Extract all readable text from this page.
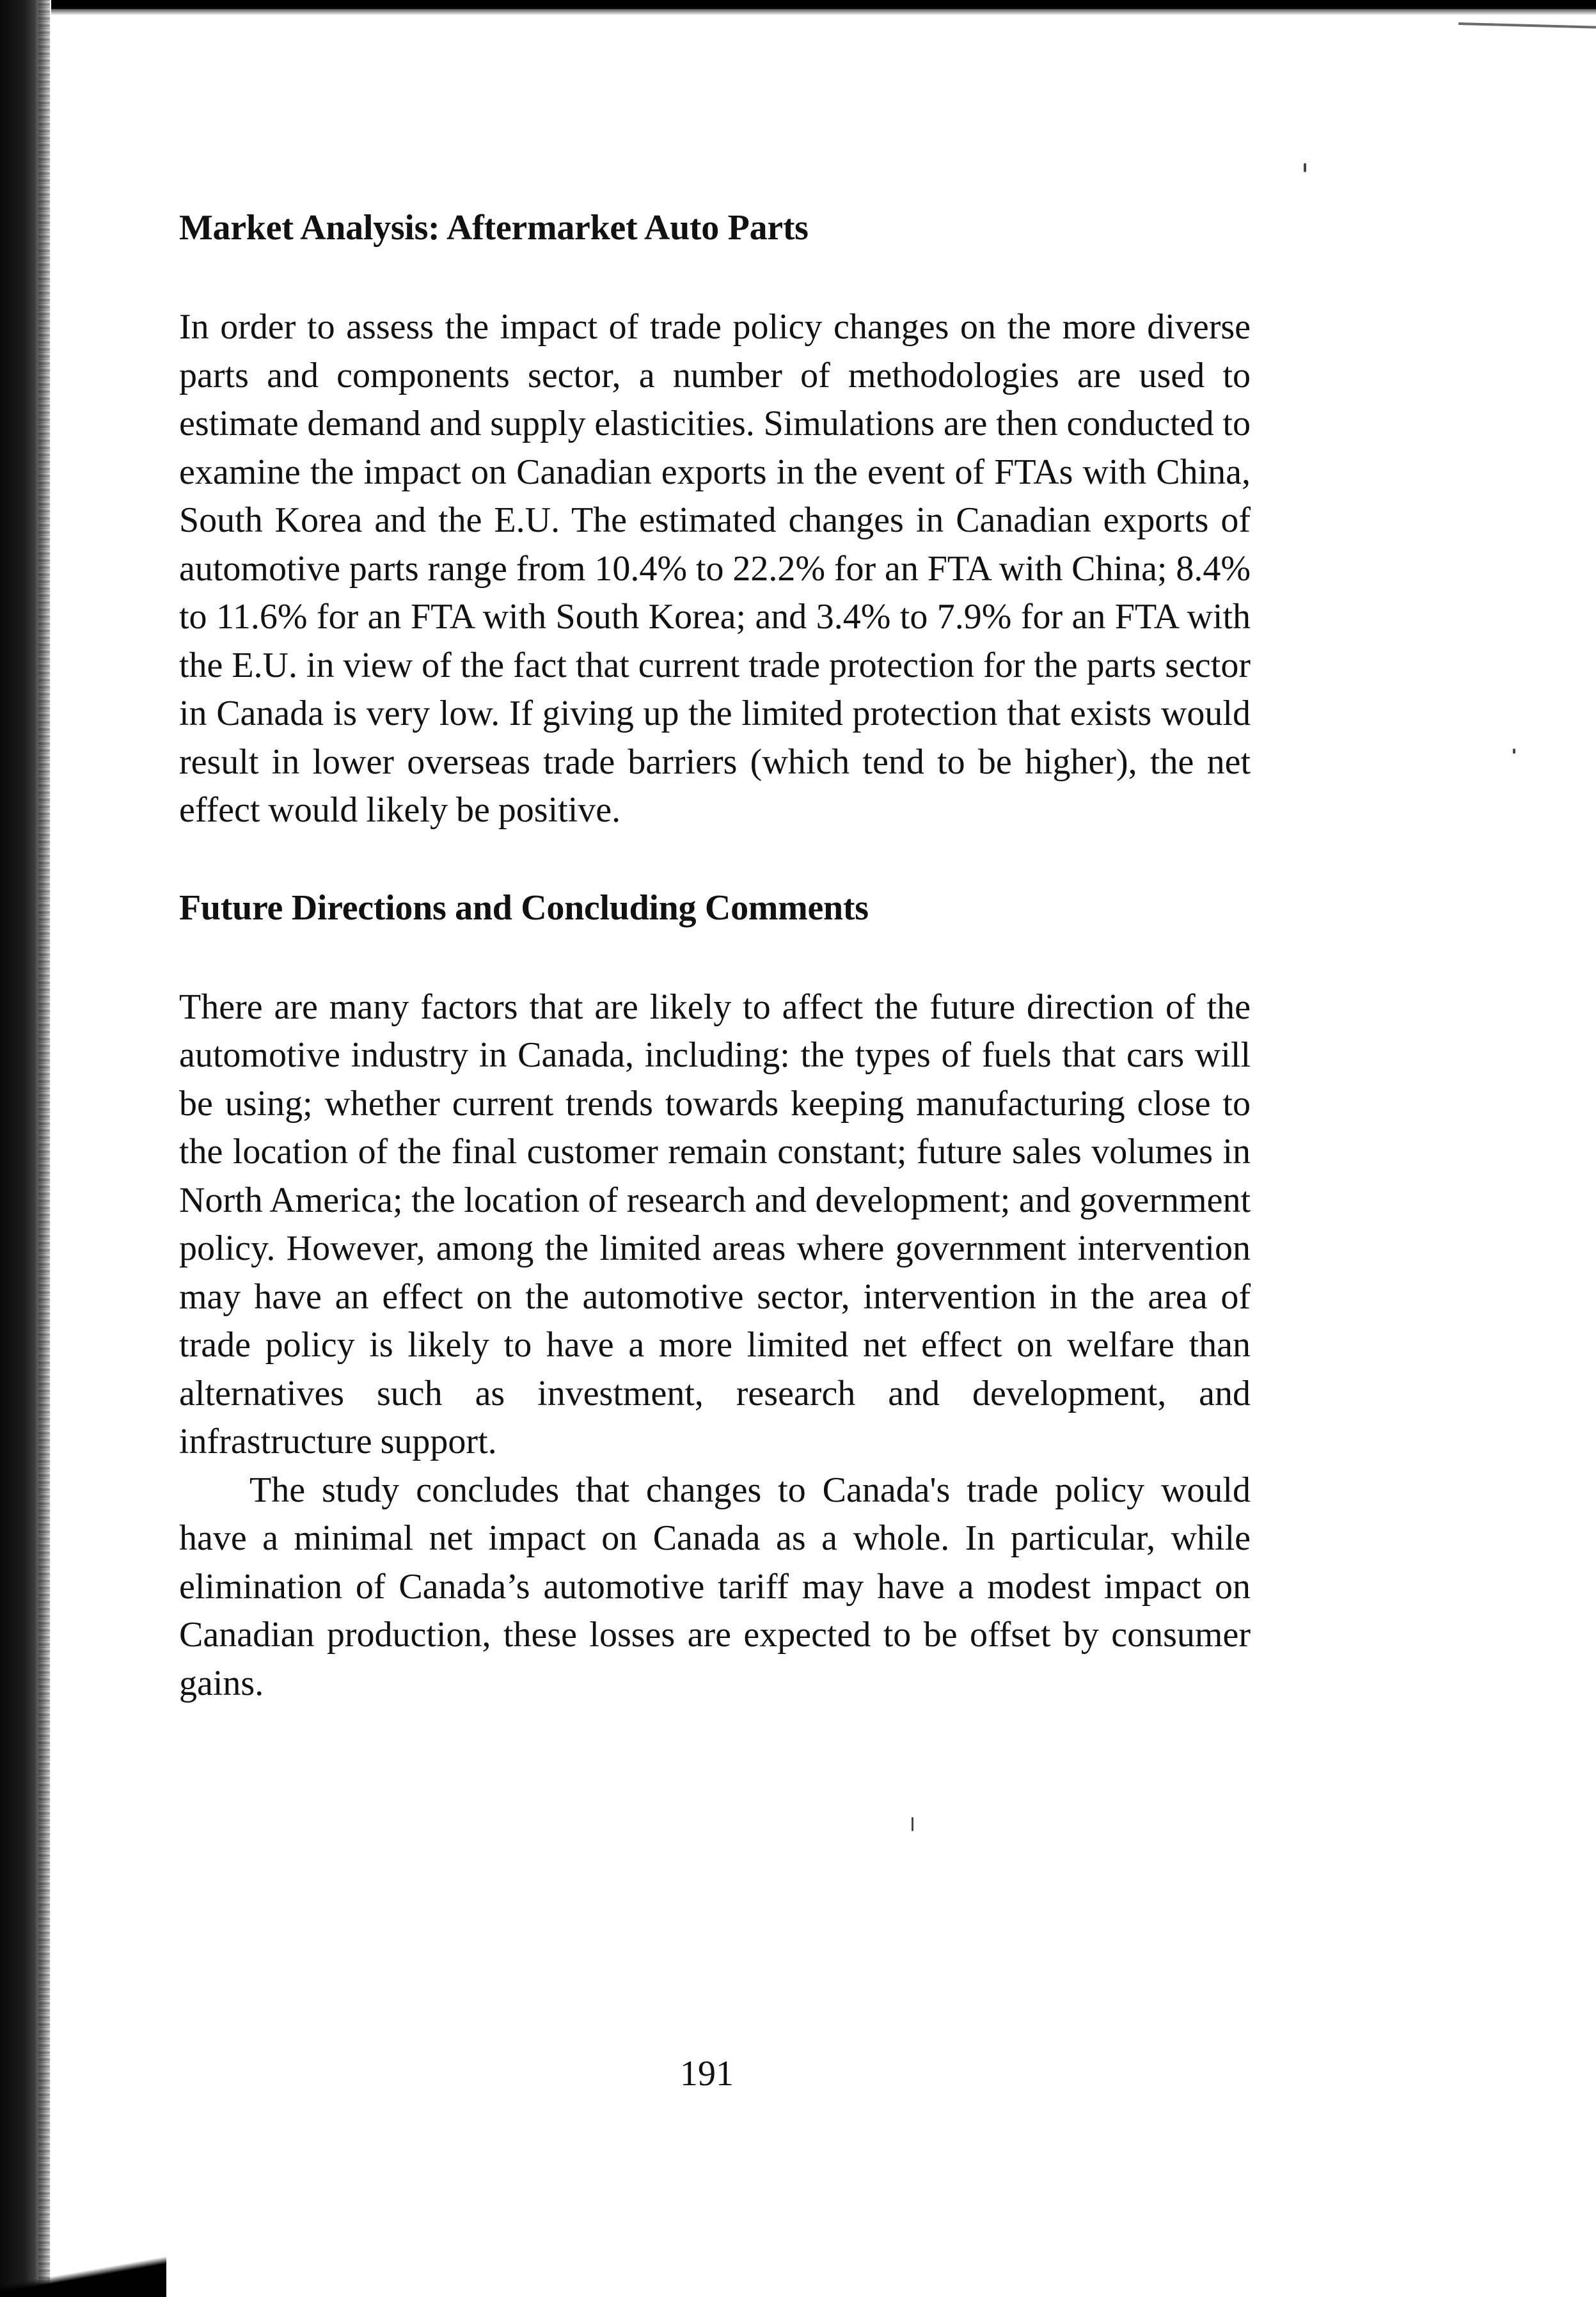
Market Analysis: Aftermarket Auto Parts

In order to assess the impact of trade policy changes on the more diverse parts and components sector, a number of methodologies are used to estimate demand and supply elasticities. Simulations are then conducted to examine the impact on Canadian exports in the event of FTAs with China, South Korea and the E.U. The estimated changes in Canadian exports of automotive parts range from 10.4% to 22.2% for an FTA with China; 8.4% to 11.6% for an FTA with South Korea; and 3.4% to 7.9% for an FTA with the E.U. in view of the fact that current trade protection for the parts sector in Canada is very low. If giving up the limited protection that exists would result in lower overseas trade barriers (which tend to be higher), the net effect would likely be positive.

Future Directions and Concluding Comments

There are many factors that are likely to affect the future direction of the automotive industry in Canada, including: the types of fuels that cars will be using; whether current trends towards keeping manufacturing close to the location of the final customer remain constant; future sales volumes in North America; the location of research and development; and government policy. However, among the limited areas where government intervention may have an effect on the automotive sector, intervention in the area of trade policy is likely to have a more limited net effect on welfare than alternatives such as investment, research and development, and infrastructure support.

The study concludes that changes to Canada's trade policy would have a minimal net impact on Canada as a whole. In particular, while elimination of Canada’s automotive tariff may have a modest impact on Canadian production, these losses are expected to be offset by consumer gains.

191
